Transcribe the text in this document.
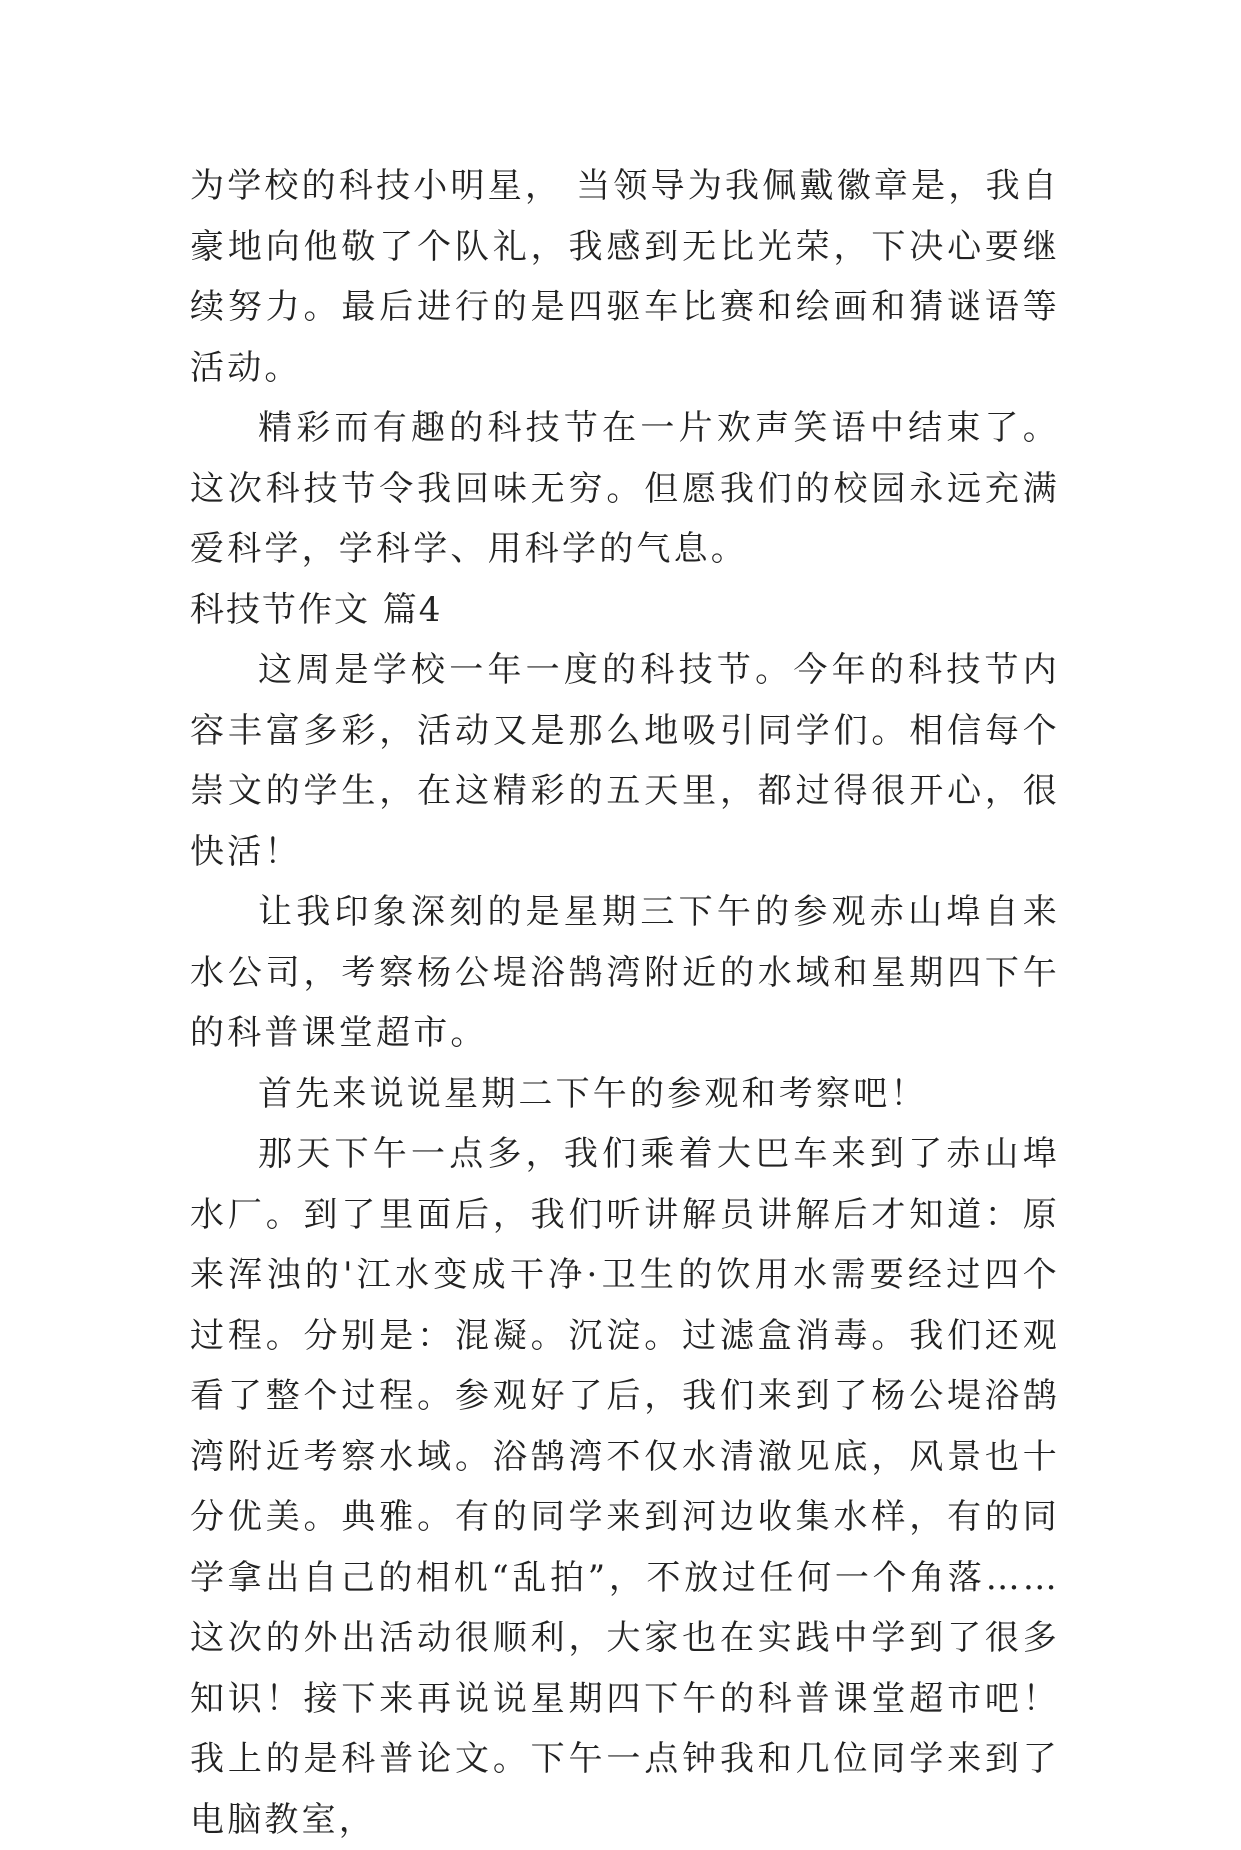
为学校的科技小明星， 当领导为我佩戴徽章是，我自豪地向他敬了个队礼，我感到无比光荣，下决心要继续努力。最后进行的是四驱车比赛和绘画和猜谜语等活动。

精彩而有趣的科技节在一片欢声笑语中结束了。这次科技节令我回味无穷。但愿我们的校园永远充满爱科学，学科学、用科学的气息。

科技节作文 篇4

这周是学校一年一度的科技节。今年的科技节内容丰富多彩，活动又是那么地吸引同学们。相信每个崇文的学生，在这精彩的五天里，都过得很开心，很快活！

让我印象深刻的是星期三下午的参观赤山埠自来水公司，考察杨公堤浴鹄湾附近的水域和星期四下午的科普课堂超市。

首先来说说星期二下午的参观和考察吧！

那天下午一点多，我们乘着大巴车来到了赤山埠水厂。到了里面后，我们听讲解员讲解后才知道：原来浑浊的'江水变成干净·卫生的饮用水需要经过四个过程。分别是：混凝。沉淀。过滤盒消毒。我们还观看了整个过程。参观好了后，我们来到了杨公堤浴鹄湾附近考察水域。浴鹄湾不仅水清澈见底，风景也十分优美。典雅。有的同学来到河边收集水样，有的同学拿出自己的相机“乱拍”，不放过任何一个角落……这次的外出活动很顺利，大家也在实践中学到了很多知识！接下来再说说星期四下午的科普课堂超市吧！我上的是科普论文。下午一点钟我和几位同学来到了电脑教室，
